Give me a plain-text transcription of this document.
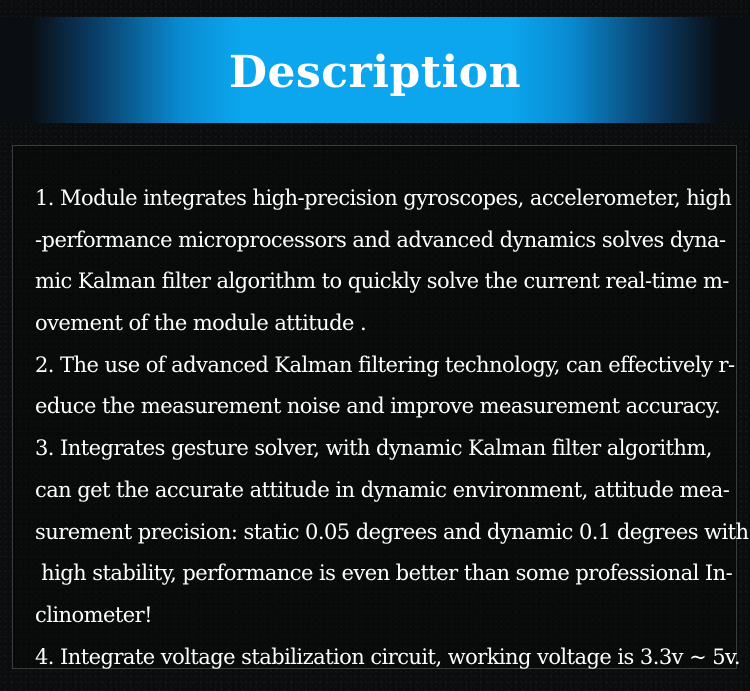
Description
1. Module integrates high-precision gyroscopes, accelerometer, high
-performance microprocessors and advanced dynamics solves dyna-
mic Kalman filter algorithm to quickly solve the current real-time m-
ovement of the module attitude .
2. The use of advanced Kalman filtering technology, can effectively r-
educe the measurement noise and improve measurement accuracy.
3. Integrates gesture solver, with dynamic Kalman filter algorithm,
can get the accurate attitude in dynamic environment, attitude mea-
surement precision: static 0.05 degrees and dynamic 0.1 degrees with
high stability, performance is even better than some professional In-
clinometer!
4. Integrate voltage stabilization circuit, working voltage is 3.3v ~ 5v.
